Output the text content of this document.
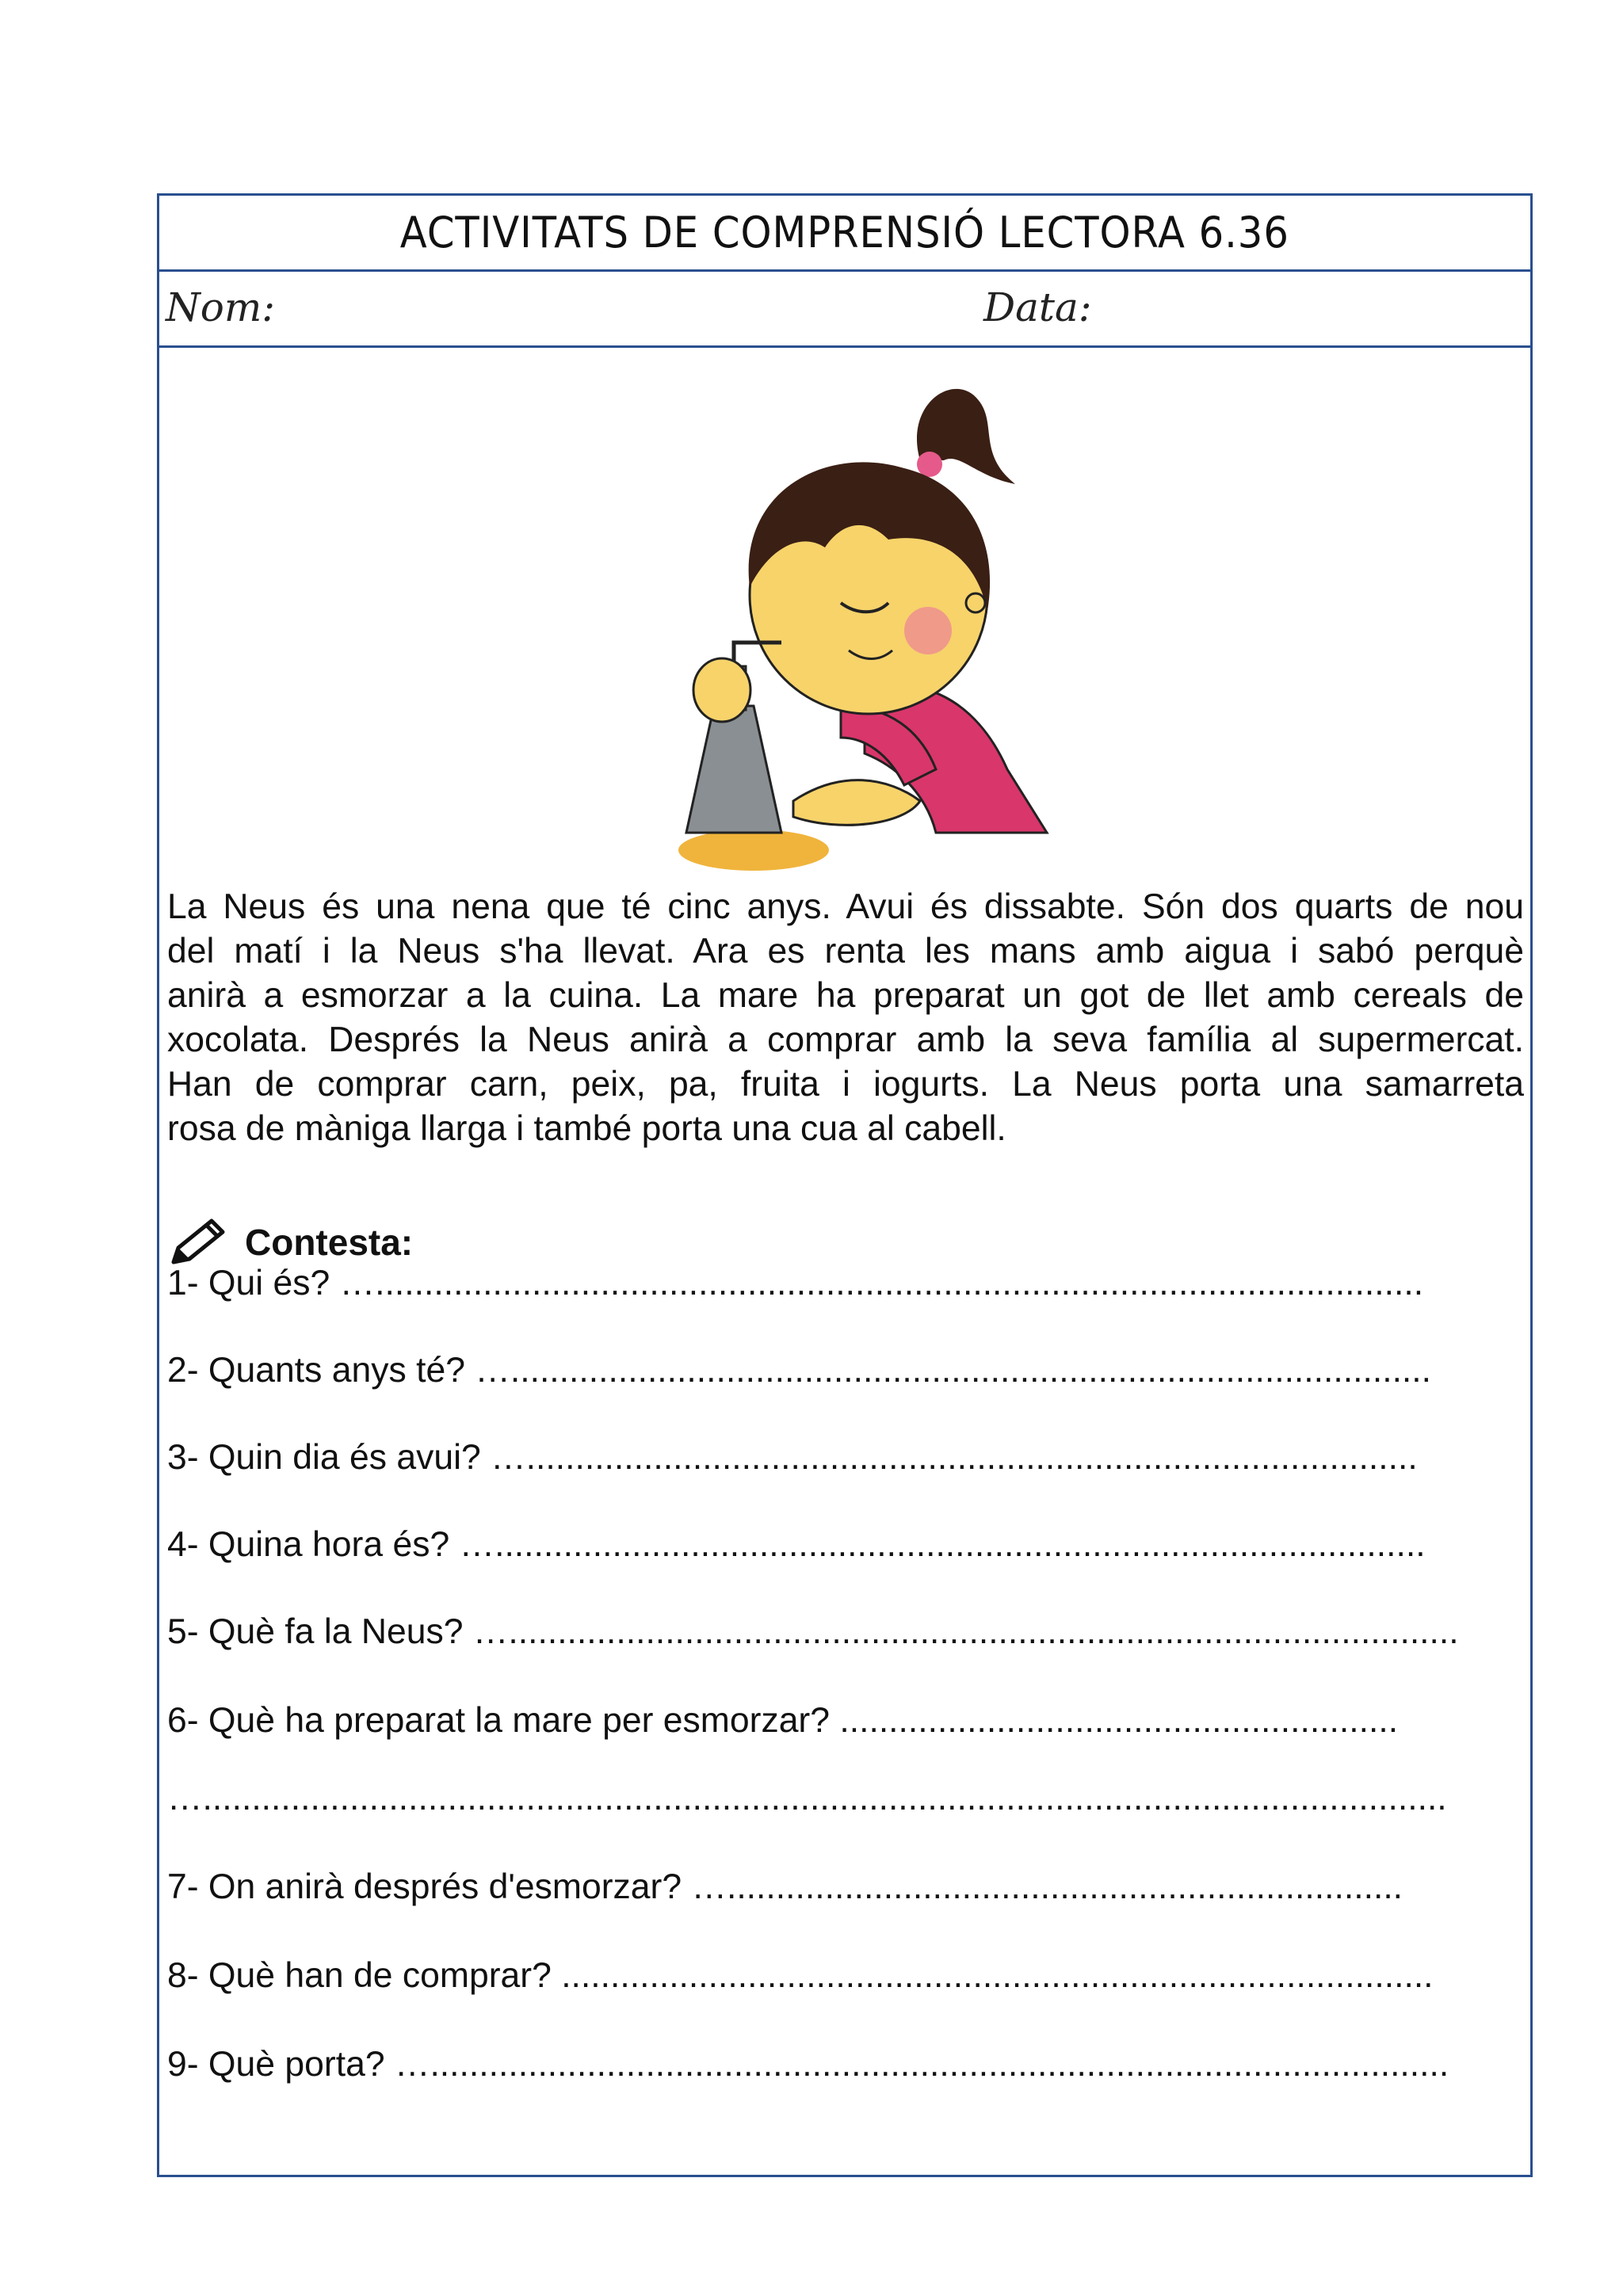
ACTIVITATS DE COMPRENSIÓ LECTORA 6.36
Nom:	Data:
La Neus és una nena que té cinc anys. Avui és dissabte. Són dos quarts de nou
del matí i la Neus s'ha llevat. Ara es renta les mans amb aigua i sabó perquè
anirà a esmorzar a la cuina. La mare ha preparat un got de llet amb cereals de
xocolata. Després la Neus anirà a comprar amb la seva família al supermercat.
Han de comprar carn, peix, pa, fruita i iogurts. La Neus porta una samarreta
rosa de màniga llarga i també porta una cua al cabell.
Contesta:
1- Qui és? …...........................................................................................................
2- Quants anys té? …..............................................................................................
3- Quin dia és avui? …...........................................................................................
4- Quina hora és? …...............................................................................................
5- Què fa la Neus? ….................................................................................................
6- Què ha preparat la mare per esmorzar? .........................................................
…...............................................................................................................................
7- On anirà després d'esmorzar? ….....................................................................
8- Què han de comprar? .........................................................................................
9- Què porta? …........................................................................................................
